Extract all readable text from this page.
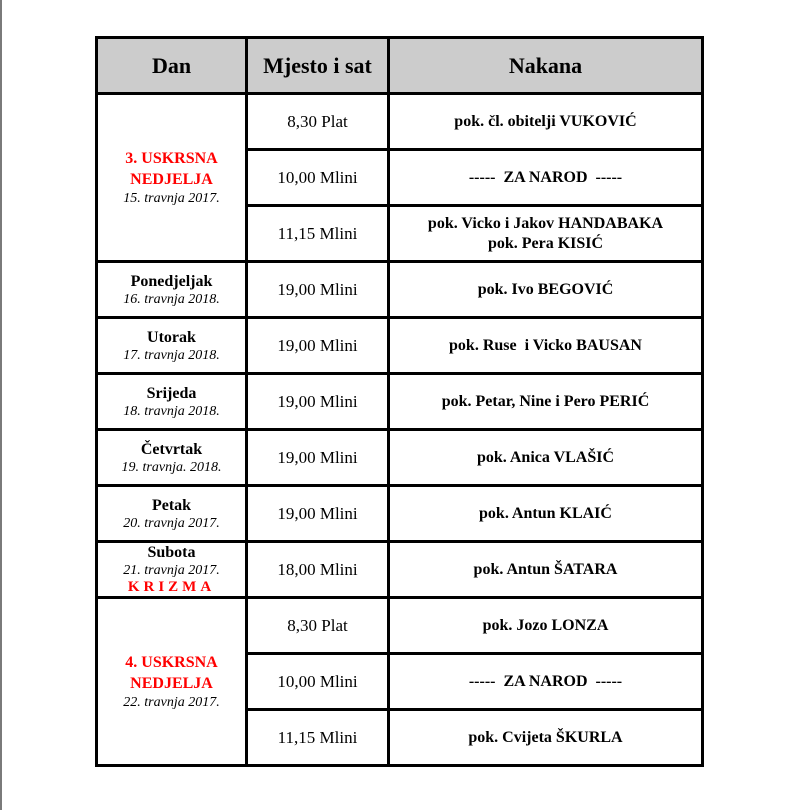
Dan	Mjesto i sat	Nakana

3. USKRSNA
NEDJELJA
15. travnja 2017.	8,30 Plat	pok. čl. obitelji VUKOVIĆ

	10,00 Mlini	-----  ZA NAROD  -----

	11,15 Mlini	pok. Vicko i Jakov HANDABAKA
pok. Pera KISIĆ

Ponedjeljak
16. travnja 2018.	19,00 Mlini	pok. Ivo BEGOVIĆ

Utorak
17. travnja 2018.	19,00 Mlini	pok. Ruse  i Vicko BAUSAN

Srijeda
18. travnja 2018.	19,00 Mlini	pok. Petar, Nine i Pero PERIĆ

Četvrtak
19. travnja. 2018.	19,00 Mlini	pok. Anica VLAŠIĆ

Petak
20. travnja 2017.	19,00 Mlini	pok. Antun KLAIĆ

Subota
21. travnja 2017.
KRIZMA	18,00 Mlini	pok. Antun ŠATARA

4. USKRSNA
NEDJELJA
22. travnja 2017.	8,30 Plat	pok. Jozo LONZA

	10,00 Mlini	-----  ZA NAROD  -----

	11,15 Mlini	pok. Cvijeta ŠKURLA
